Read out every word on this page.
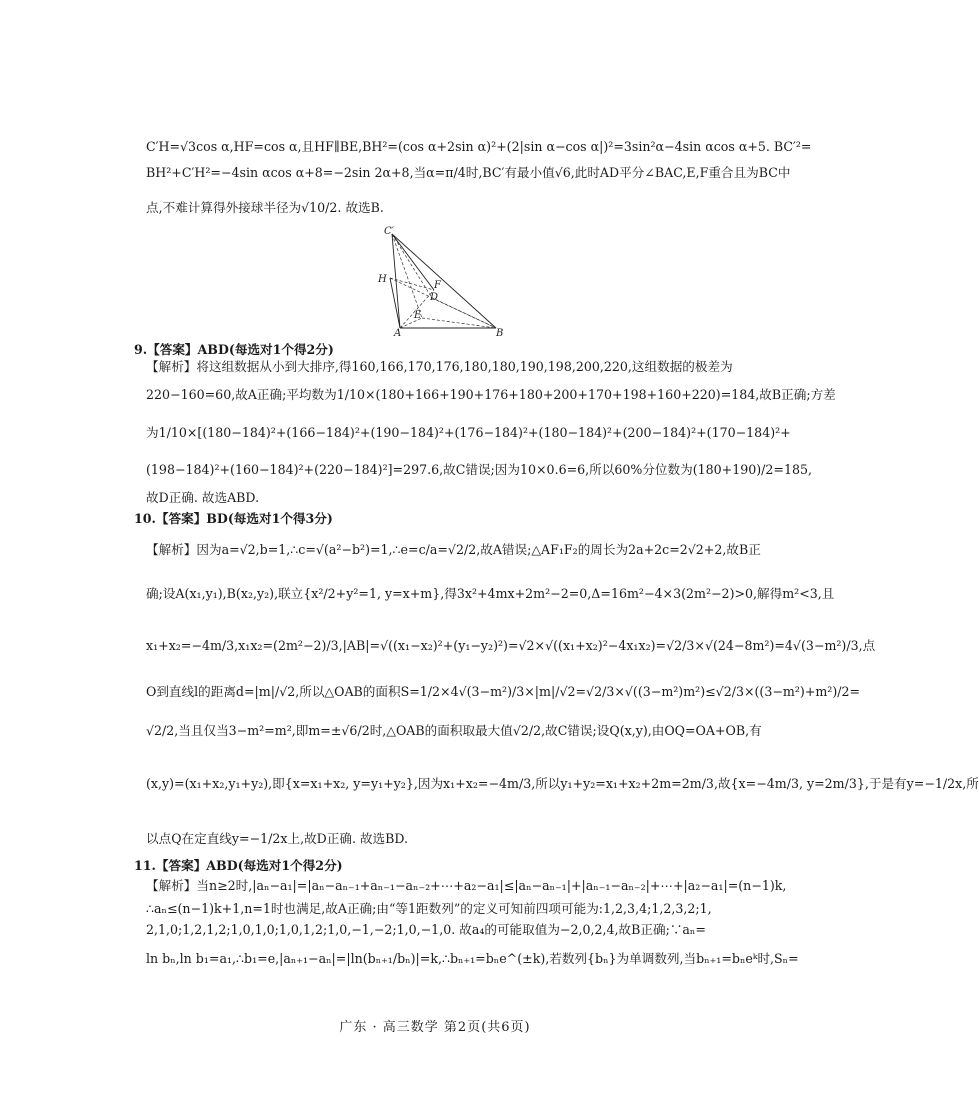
C′H=√3cos α,HF=cos α,且HF∥BE,BH²=(cos α+2sin α)²+(2|sin α−cos α|)²=3sin²α−4sin αcos α+5. BC′²=
BH²+C′H²=−4sin αcos α+8=−2sin 2α+8,当α=π/4时,BC′有最小值√6,此时AD平分∠BAC,E,F重合且为BC中
点,不难计算得外接球半径为√10/2. 故选B.
C′
H
F
D
E
A	B
9.【答案】ABD(每选对1个得2分)
【解析】将这组数据从小到大排序,得160,166,170,176,180,180,190,198,200,220,这组数据的极差为
220−160=60,故A正确;平均数为1/10×(180+166+190+176+180+200+170+198+160+220)=184,故B正确;方差
为1/10×[(180−184)²+(166−184)²+(190−184)²+(176−184)²+(180−184)²+(200−184)²+(170−184)²+
(198−184)²+(160−184)²+(220−184)²]=297.6,故C错误;因为10×0.6=6,所以60%分位数为(180+190)/2=185,
故D正确. 故选ABD.
10.【答案】BD(每选对1个得3分)
【解析】因为a=√2,b=1,∴c=√(a²−b²)=1,∴e=c/a=√2/2,故A错误;△AF₁F₂的周长为2a+2c=2√2+2,故B正
确;设A(x₁,y₁),B(x₂,y₂),联立{x²/2+y²=1, y=x+m},得3x²+4mx+2m²−2=0,Δ=16m²−4×3(2m²−2)>0,解得m²<3,且
x₁+x₂=−4m/3,x₁x₂=(2m²−2)/3,|AB|=√((x₁−x₂)²+(y₁−y₂)²)=√2×√((x₁+x₂)²−4x₁x₂)=√2/3×√(24−8m²)=4√(3−m²)/3,点
O到直线l的距离d=|m|/√2,所以△OAB的面积S=1/2×4√(3−m²)/3×|m|/√2=√2/3×√((3−m²)m²)≤√2/3×((3−m²)+m²)/2=
√2/2,当且仅当3−m²=m²,即m=±√6/2时,△OAB的面积取最大值√2/2,故C错误;设Q(x,y),由OQ=OA+OB,有
(x,y)=(x₁+x₂,y₁+y₂),即{x=x₁+x₂, y=y₁+y₂},因为x₁+x₂=−4m/3,所以y₁+y₂=x₁+x₂+2m=2m/3,故{x=−4m/3, y=2m/3},于是有y=−1/2x,所
以点Q在定直线y=−1/2x上,故D正确. 故选BD.
11.【答案】ABD(每选对1个得2分)
【解析】当n≥2时,|aₙ−a₁|=|aₙ−aₙ₋₁+aₙ₋₁−aₙ₋₂+⋯+a₂−a₁|≤|aₙ−aₙ₋₁|+|aₙ₋₁−aₙ₋₂|+⋯+|a₂−a₁|=(n−1)k,
∴aₙ≤(n−1)k+1,n=1时也满足,故A正确;由“等1距数列”的定义可知前四项可能为:1,2,3,4;1,2,3,2;1,
2,1,0;1,2,1,2;1,0,1,0;1,0,1,2;1,0,−1,−2;1,0,−1,0. 故a₄的可能取值为−2,0,2,4,故B正确;∵aₙ=
ln bₙ,ln b₁=a₁,∴b₁=e,|aₙ₊₁−aₙ|=|ln(bₙ₊₁/bₙ)|=k,∴bₙ₊₁=bₙe^(±k),若数列{bₙ}为单调数列,当bₙ₊₁=bₙeᵏ时,Sₙ=
广东 · 高三数学 第2页(共6页)
